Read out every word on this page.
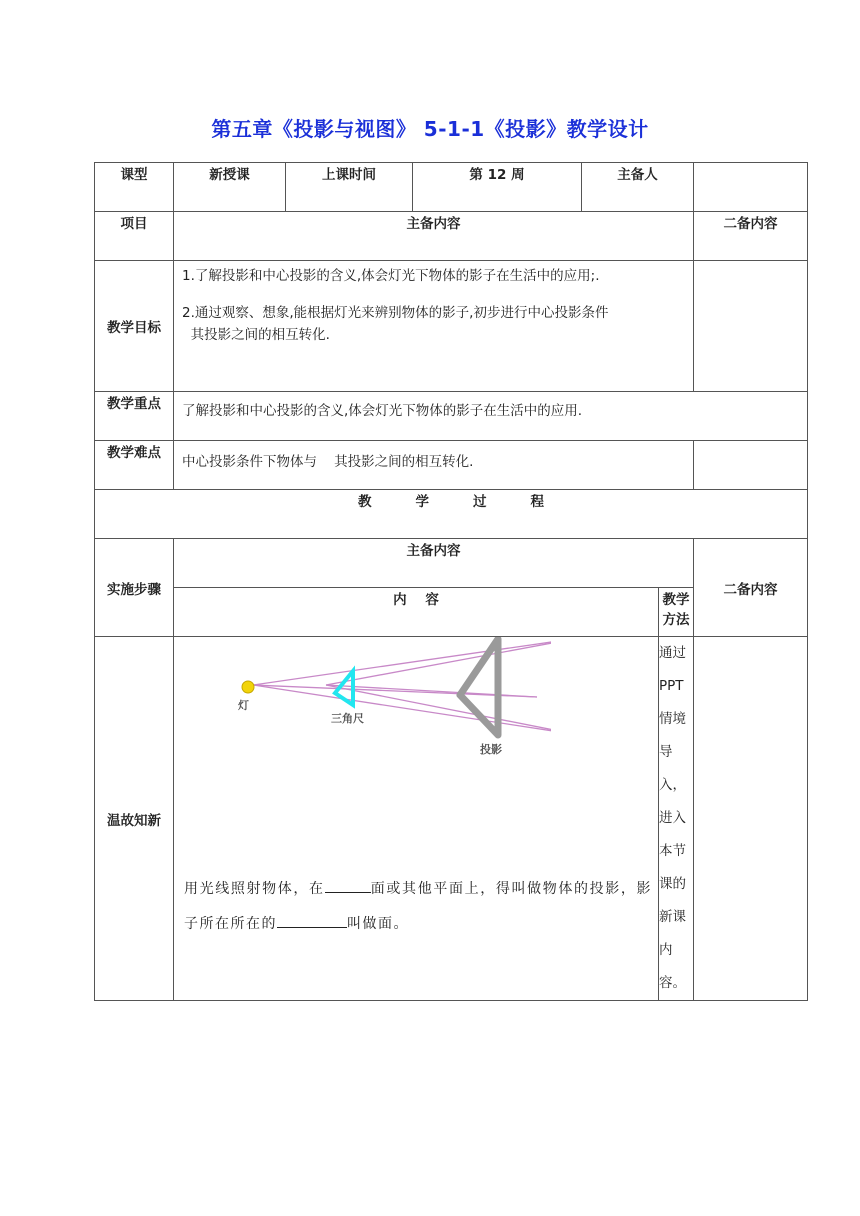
第五章《投影与视图》 5-1-1《投影》教学设计
课型	新授课	上课时间	第 12 周	主备人		
项目	主备内容					二备内容
教学目标	1.了解投影和中心投影的含义,体会灯光下物体的影子在生活中的应用;.

2.通过观察、想象,能根据灯光来辨别物体的影子,初步进行中心投影条件

其投影之间的相互转化.					

教学重点	了解投影和中心投影的含义,体会灯光下物体的影子在生活中的应用.					
教学难点	中心投影条件下物体与    其投影之间的相互转化.					
教 学 过 程						
实施步骤	主备内容					二备内容
	内    容				教学方法	
温故知新	灯
三角尺
投影
用光线照射物体，在 面或其他平面上，得叫做物体的投影，影子所在所在的 叫做面。				通过 PPT 情境导入，进入本节课的新课内容。	
